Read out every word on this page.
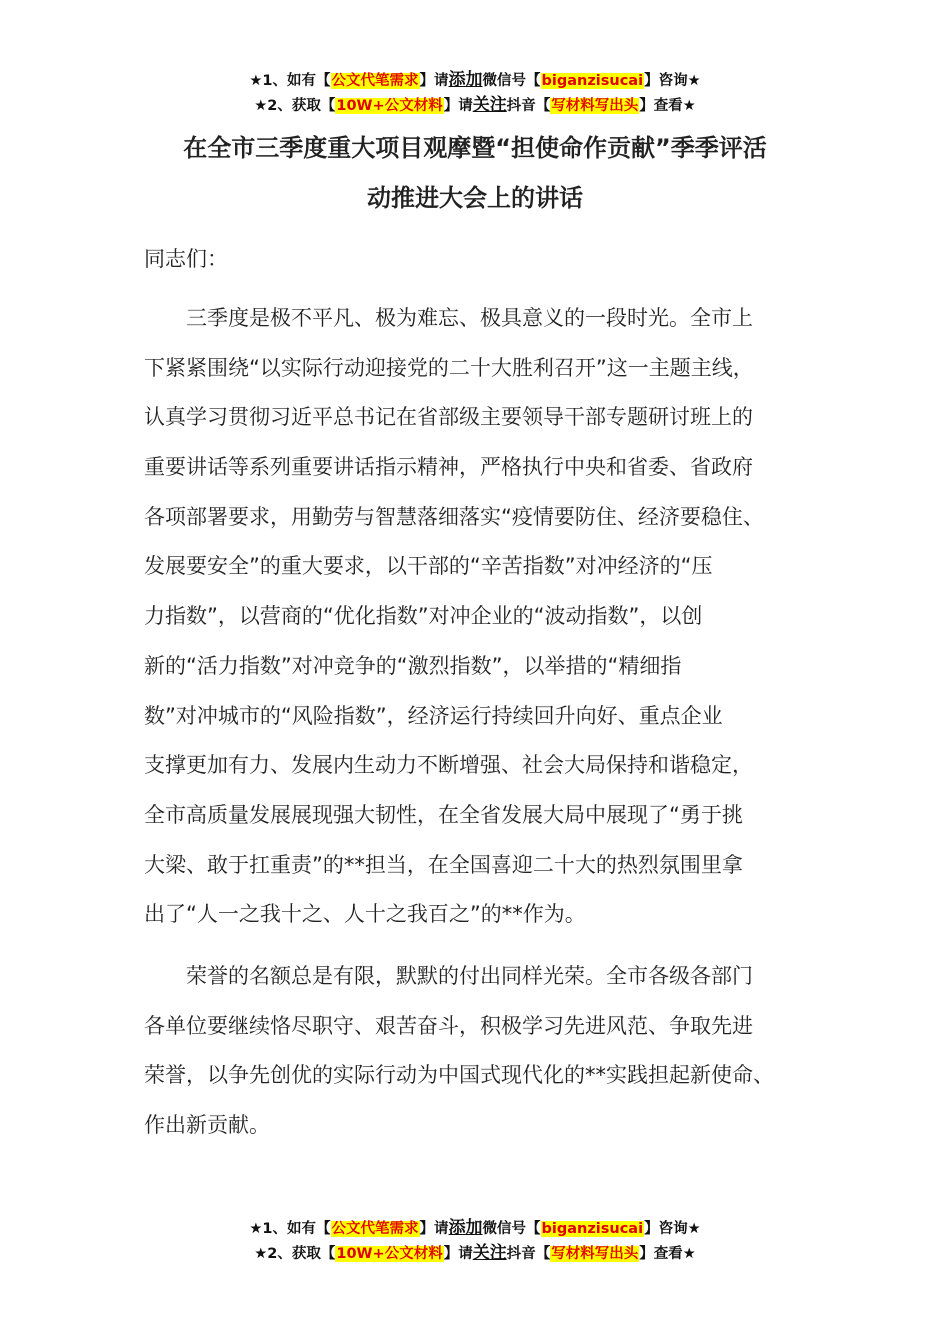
★1、如有【公文代笔需求】请添加微信号【biganzisucai】咨询★
★2、获取【10W+公文材料】请关注抖音【写材料写出头】查看★
在全市三季度重大项目观摩暨“担使命作贡献”季季评活
动推进大会上的讲话
同志们：
　　三季度是极不平凡、极为难忘、极具意义的一段时光。全市上
下紧紧围绕“以实际行动迎接党的二十大胜利召开”这一主题主线，
认真学习贯彻习近平总书记在省部级主要领导干部专题研讨班上的
重要讲话等系列重要讲话指示精神，严格执行中央和省委、省政府
各项部署要求，用勤劳与智慧落细落实“疫情要防住、经济要稳住、
发展要安全”的重大要求，以干部的“辛苦指数”对冲经济的“压
力指数”，以营商的“优化指数”对冲企业的“波动指数”，以创
新的“活力指数”对冲竞争的“激烈指数”，以举措的“精细指
数”对冲城市的“风险指数”，经济运行持续回升向好、重点企业
支撑更加有力、发展内生动力不断增强、社会大局保持和谐稳定，
全市高质量发展展现强大韧性，在全省发展大局中展现了“勇于挑
大梁、敢于扛重责”的**担当，在全国喜迎二十大的热烈氛围里拿
出了“人一之我十之、人十之我百之”的**作为。
　　荣誉的名额总是有限，默默的付出同样光荣。全市各级各部门
各单位要继续恪尽职守、艰苦奋斗，积极学习先进风范、争取先进
荣誉，以争先创优的实际行动为中国式现代化的**实践担起新使命、
作出新贡献。
★1、如有【公文代笔需求】请添加微信号【biganzisucai】咨询★
★2、获取【10W+公文材料】请关注抖音【写材料写出头】查看★
